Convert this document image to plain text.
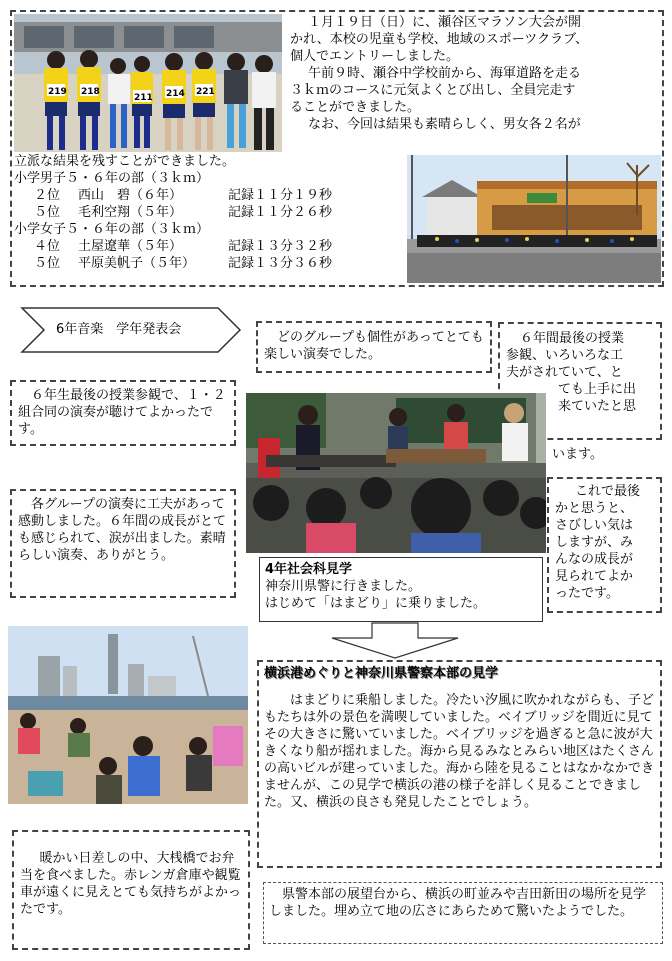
219 218
211 214 221
１月１９日（日）に、瀬谷区マラソン大会が開
かれ、本校の児童も学校、地域のスポーツクラブ、
個人でエントリーしました。
午前９時、瀬谷中学校前から、海軍道路を走る
３ｋｍのコースに元気よくとび出し、全員完走す
ることができました。
なお、今回は結果も素晴らしく、男女各２名が
立派な結果を残すことができました。
小学男子５・６年の部（３ｋｍ）
２位 西山　碧（６年）	記録１１分１９秒
５位 毛利空翔（５年）	記録１１分２６秒
小学女子５・６年の部（３ｋｍ）
４位 土屋遼華（５年）	記録１３分３２秒
５位 平原美帆子（５年）	記録１３分３６秒
6年音楽　学年発表会

どのグループも個性があってとても楽しい演奏でした。

６年間最後の授業
参観、いろいろな工
夫がされていて、と
ても上手に出
来ていたと思
います。

６年生最後の授業参観で、１・２組合同の演奏が聴けてよかったです。

各グループの演奏に工夫があって感動しました。６年間の成長がとても感じられて、涙が出ました。素晴らしい演奏、ありがとう。

これで最後
かと思うと、
さびしい気は
しますが、み
んなの成長が
見られてよか
ったです。
4年社会科見学
神奈川県警に行きました。
はじめて「はまどり」に乗りました。
横浜港めぐりと神奈川県警察本部の見学

はまどりに乗船しました。冷たい汐風に吹かれながらも、子どもたちは外の景色を満喫していました。ベイブリッジを間近に見てその大きさに驚いていました。ベイブリッジを過ぎると急に波が大きくなり船が揺れました。海から見るみなとみらい地区はたくさんの高いビルが建っていました。海から陸を見ることはなかなかできませんが、この見学で横浜の港の様子を詳しく見ることできました。又、横浜の良さも発見したことでしょう。

暖かい日差しの中、大桟橋でお弁当を食べました。赤レンガ倉庫や観覧車が遠くに見えとても気持ちがよかったです。

県警本部の展望台から、横浜の町並みや吉田新田の場所を見学しました。埋め立て地の広さにあらためて驚いたようでした。
